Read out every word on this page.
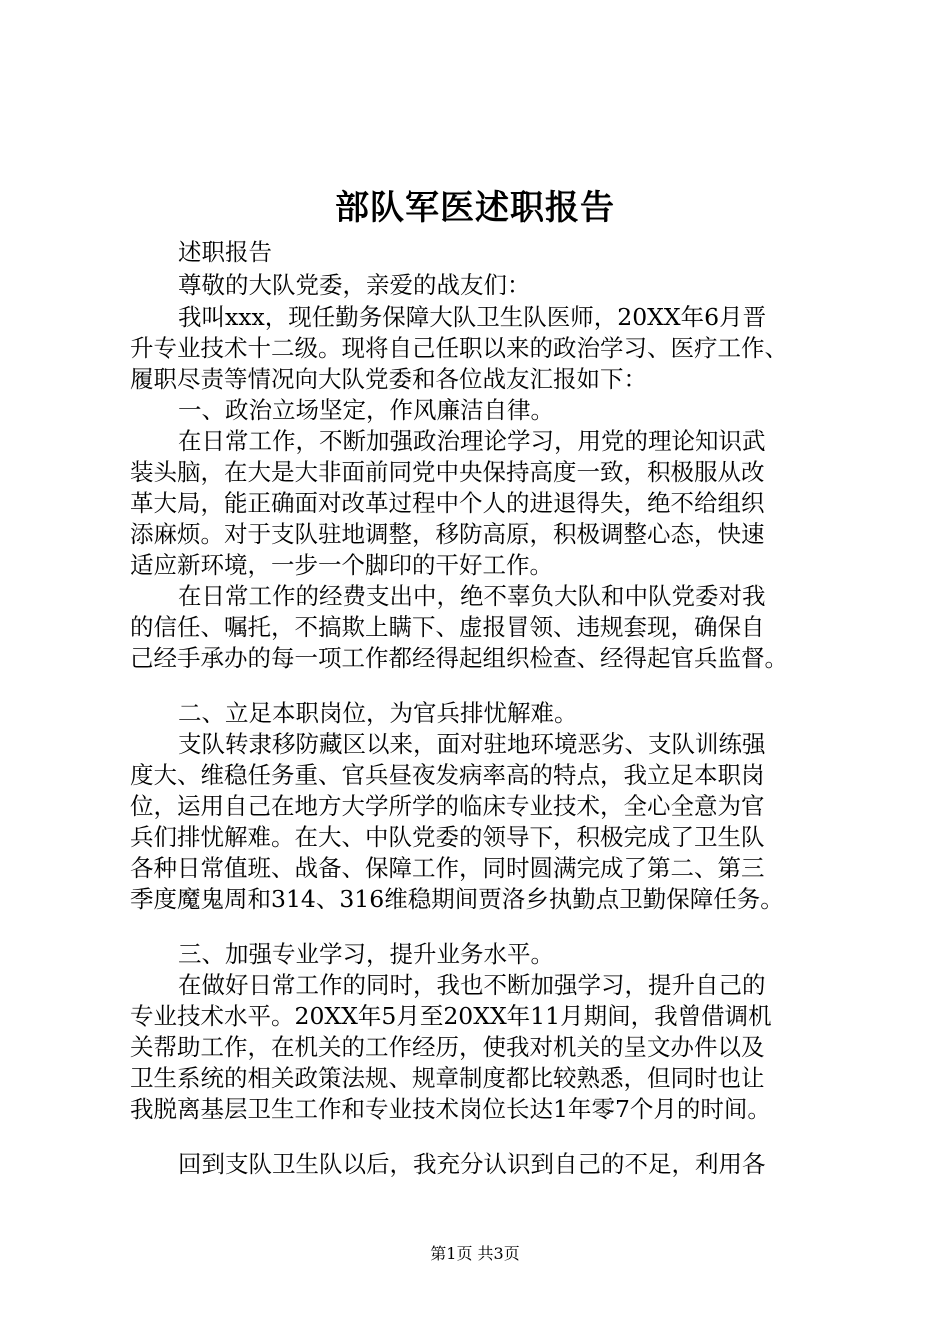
部队军医述职报告
述职报告
尊敬的大队党委，亲爱的战友们：
我叫xxx，现任勤务保障大队卫生队医师，20XX年6月晋
升专业技术十二级。现将自己任职以来的政治学习、医疗工作、
履职尽责等情况向大队党委和各位战友汇报如下：
一、政治立场坚定，作风廉洁自律。
在日常工作，不断加强政治理论学习，用党的理论知识武
装头脑，在大是大非面前同党中央保持高度一致，积极服从改
革大局，能正确面对改革过程中个人的进退得失，绝不给组织
添麻烦。对于支队驻地调整，移防高原，积极调整心态，快速
适应新环境，一步一个脚印的干好工作。
在日常工作的经费支出中，绝不辜负大队和中队党委对我
的信任、嘱托，不搞欺上瞒下、虚报冒领、违规套现，确保自
己经手承办的每一项工作都经得起组织检查、经得起官兵监督。
二、立足本职岗位，为官兵排忧解难。
支队转隶移防藏区以来，面对驻地环境恶劣、支队训练强
度大、维稳任务重、官兵昼夜发病率高的特点，我立足本职岗
位，运用自己在地方大学所学的临床专业技术，全心全意为官
兵们排忧解难。在大、中队党委的领导下，积极完成了卫生队
各种日常值班、战备、保障工作，同时圆满完成了第二、第三
季度魔鬼周和314、316维稳期间贾洛乡执勤点卫勤保障任务。
三、加强专业学习，提升业务水平。
在做好日常工作的同时，我也不断加强学习，提升自己的
专业技术水平。20XX年5月至20XX年11月期间，我曾借调机
关帮助工作，在机关的工作经历，使我对机关的呈文办件以及
卫生系统的相关政策法规、规章制度都比较熟悉，但同时也让
我脱离基层卫生工作和专业技术岗位长达1年零7个月的时间。
回到支队卫生队以后，我充分认识到自己的不足，利用各
第1页 共3页
